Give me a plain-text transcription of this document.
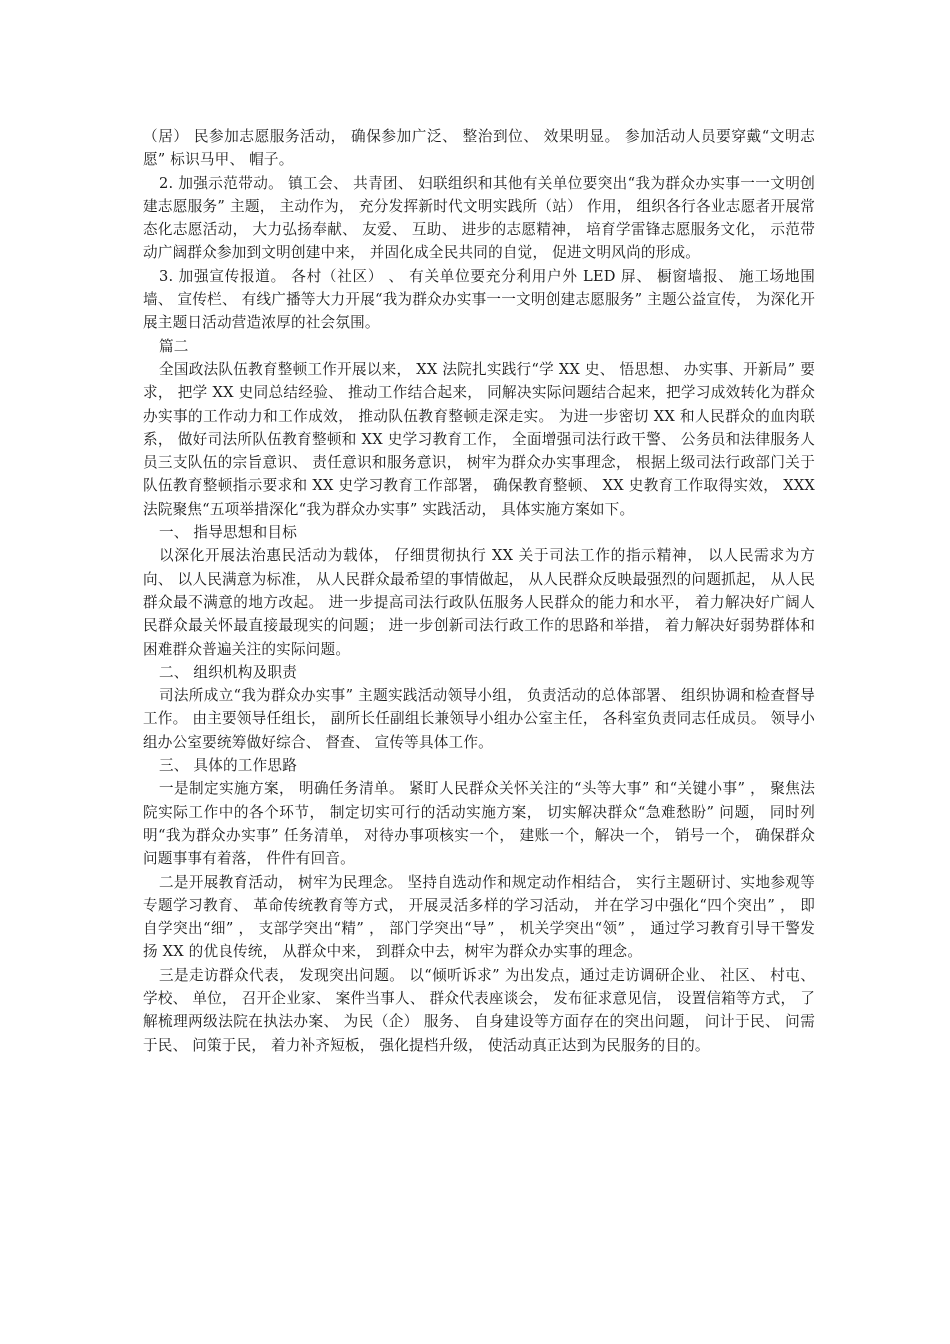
（居） 民参加志愿服务活动， 确保参加广泛、 整治到位、 效果明显。 参加活动人员要穿戴“文明志愿” 标识马甲、 帽子。

2. 加强示范带动。 镇工会、 共青团、 妇联组织和其他有关单位要突出“我为群众办实事一一文明创建志愿服务” 主题， 主动作为， 充分发挥新时代文明实践所（站） 作用， 组织各行各业志愿者开展常态化志愿活动， 大力弘扬奉献、 友爱、 互助、 进步的志愿精神， 培育学雷锋志愿服务文化， 示范带动广阔群众参加到文明创建中来， 并固化成全民共同的自觉， 促进文明风尚的形成。

3. 加强宣传报道。 各村（社区） 、 有关单位要充分利用户外 LED 屏、 橱窗墙报、 施工场地围墙、 宣传栏、 有线广播等大力开展“我为群众办实事一一文明创建志愿服务” 主题公益宣传， 为深化开展主题日活动营造浓厚的社会氛围。

篇二

全国政法队伍教育整顿工作开展以来， XX 法院扎实践行“学 XX 史、 悟思想、 办实事、开新局” 要求， 把学 XX 史同总结经验、 推动工作结合起来， 同解决实际问题结合起来，把学习成效转化为群众办实事的工作动力和工作成效， 推动队伍教育整顿走深走实。 为进一步密切 XX 和人民群众的血肉联系， 做好司法所队伍教育整顿和 XX 史学习教育工作， 全面增强司法行政干警、 公务员和法律服务人员三支队伍的宗旨意识、 责任意识和服务意识， 树牢为群众办实事理念， 根据上级司法行政部门关于队伍教育整顿指示要求和 XX 史学习教育工作部署， 确保教育整顿、 XX 史教育工作取得实效， XXX 法院聚焦“五项举措深化“我为群众办实事” 实践活动， 具体实施方案如下。

一、 指导思想和目标

以深化开展法治惠民活动为载体， 仔细贯彻执行 XX 关于司法工作的指示精神， 以人民需求为方向、 以人民满意为标准， 从人民群众最希望的事情做起， 从人民群众反映最强烈的问题抓起， 从人民群众最不满意的地方改起。 进一步提高司法行政队伍服务人民群众的能力和水平， 着力解决好广阔人民群众最关怀最直接最现实的问题； 进一步创新司法行政工作的思路和举措， 着力解决好弱势群体和困难群众普遍关注的实际问题。

二、 组织机构及职责

司法所成立“我为群众办实事” 主题实践活动领导小组， 负责活动的总体部署、 组织协调和检查督导工作。 由主要领导任组长， 副所长任副组长兼领导小组办公室主任， 各科室负责同志任成员。 领导小组办公室要统筹做好综合、 督查、 宣传等具体工作。

三、 具体的工作思路

一是制定实施方案， 明确任务清单。 紧盯人民群众关怀关注的“头等大事” 和“关键小事” ， 聚焦法院实际工作中的各个环节， 制定切实可行的活动实施方案， 切实解决群众“急难愁盼” 问题， 同时列明“我为群众办实事” 任务清单， 对待办事项核实一个， 建账一个，解决一个， 销号一个， 确保群众问题事事有着落， 件件有回音。

二是开展教育活动， 树牢为民理念。 坚持自选动作和规定动作相结合， 实行主题研讨、实地参观等专题学习教育、 革命传统教育等方式， 开展灵活多样的学习活动， 并在学习中强化“四个突出” ， 即自学突出“细” ， 支部学突出“精” ， 部门学突出“导” ， 机关学突出“领” ， 通过学习教育引导干警发扬 XX 的优良传统， 从群众中来， 到群众中去，树牢为群众办实事的理念。

三是走访群众代表， 发现突出问题。 以“倾听诉求” 为出发点，通过走访调研企业、 社区、 村屯、 学校、 单位， 召开企业家、 案件当事人、 群众代表座谈会， 发布征求意见信， 设置信箱等方式， 了解梳理两级法院在执法办案、 为民（企） 服务、 自身建设等方面存在的突出问题， 问计于民、 问需于民、 问策于民， 着力补齐短板， 强化提档升级， 使活动真正达到为民服务的目的。
